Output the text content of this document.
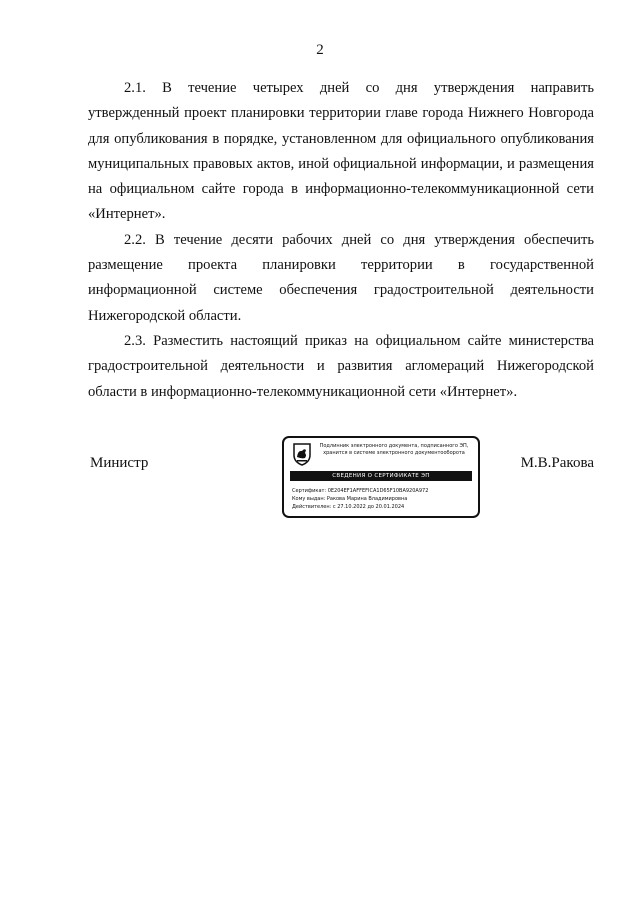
2

2.1. В течение четырех дней со дня утверждения направить
утвержденный проект планировки территории главе города Нижнего Новгорода
для опубликования в порядке, установленном для официального опубликования
муниципальных правовых актов, иной официальной информации, и размещения
на официальном сайте города в информационно-телекоммуникационной сети
«Интернет».

2.2. В течение десяти рабочих дней со дня утверждения обеспечить
размещение проекта планировки территории в государственной
информационной системе обеспечения градостроительной деятельности
Нижегородской области.

2.3. Разместить настоящий приказ на официальном сайте министерства
градостроительной деятельности и развития агломераций Нижегородской
области в информационно-телекоммуникационной сети «Интернет».

Министр
Подлинник электронного документа, подписанного ЭП,
хранится в системе электронного документооборота
СВЕДЕНИЯ О СЕРТИФИКАТЕ ЭП
Сертификат: 0E204EF1AFFEFICA1D65F10BA920A972
Кому выдан: Ракова Марина Владимировна
Действителен: с 27.10.2022 до 20.01.2024
М.В.Ракова
